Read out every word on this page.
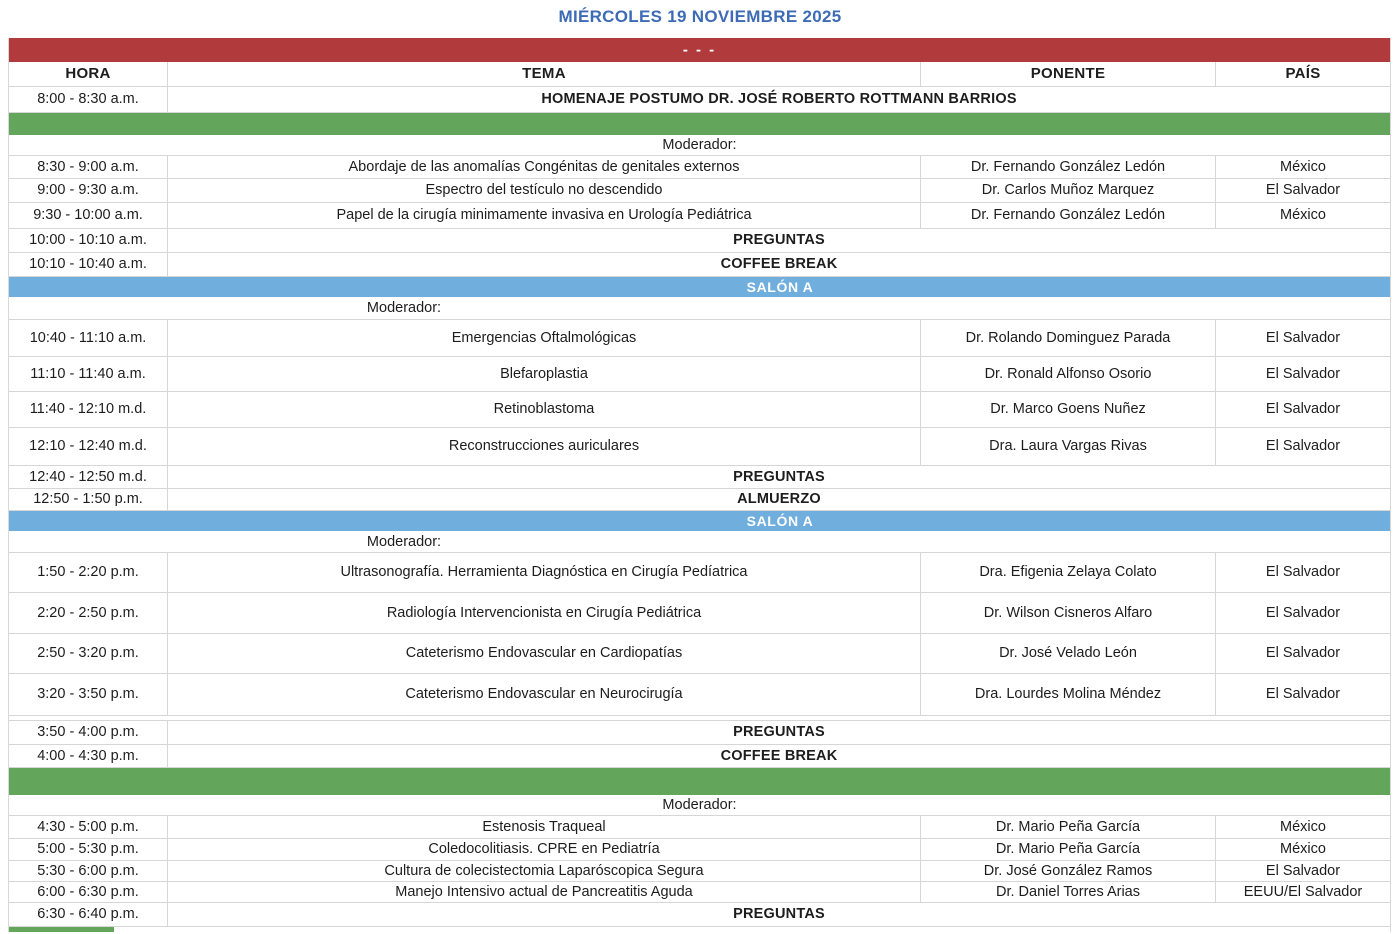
MIÉRCOLES 19 NOVIEMBRE 2025
- - -
HORA	TEMA	PONENTE	PAÍS
8:00 - 8:30 a.m.	HOMENAJE POSTUMO DR. JOSÉ ROBERTO ROTTMANN BARRIOS
Moderador:
8:30 - 9:00 a.m.	Abordaje de las anomalías Congénitas de genitales externos	Dr. Fernando González Ledón	México
9:00 - 9:30 a.m.	Espectro del testículo no descendido	Dr. Carlos Muñoz Marquez	El Salvador
9:30 - 10:00 a.m.	Papel de la cirugía minimamente invasiva en Urología Pediátrica	Dr. Fernando González Ledón	México
10:00 - 10:10 a.m.	PREGUNTAS
10:10 - 10:40 a.m.	COFFEE BREAK
SALÓN A
Moderador:
10:40 - 11:10 a.m.	Emergencias Oftalmológicas	Dr. Rolando Dominguez Parada	El Salvador
11:10 - 11:40 a.m.	Blefaroplastia	Dr. Ronald Alfonso Osorio	El Salvador
11:40 - 12:10 m.d.	Retinoblastoma	Dr. Marco Goens Nuñez	El Salvador
12:10 - 12:40 m.d.	Reconstrucciones auriculares	Dra. Laura Vargas Rivas	El Salvador
12:40 - 12:50 m.d.	PREGUNTAS
12:50 - 1:50 p.m.	ALMUERZO
SALÓN A
Moderador:
1:50 - 2:20 p.m.	Ultrasonografía. Herramienta Diagnóstica en Cirugía Pedíatrica	Dra. Efigenia Zelaya Colato	El Salvador
2:20 - 2:50 p.m.	Radiología Intervencionista en Cirugía Pediátrica	Dr. Wilson Cisneros Alfaro	El Salvador
2:50 - 3:20 p.m.	Cateterismo Endovascular en Cardiopatías	Dr. José Velado León	El Salvador
3:20 - 3:50 p.m.	Cateterismo Endovascular en Neurocirugía	Dra. Lourdes Molina Méndez	El Salvador
3:50 - 4:00 p.m.	PREGUNTAS
4:00 - 4:30 p.m.	COFFEE BREAK
Moderador:
4:30 - 5:00 p.m.	Estenosis Traqueal	Dr. Mario Peña García	México
5:00 - 5:30 p.m.	Coledocolitiasis. CPRE en Pediatría	Dr. Mario Peña García	México
5:30 - 6:00 p.m.	Cultura de colecistectomia Laparóscopica Segura	Dr. José González Ramos	El Salvador
6:00 - 6:30 p.m.	Manejo Intensivo actual de Pancreatitis Aguda	Dr. Daniel Torres Arias	EEUU/El Salvador
6:30 - 6:40 p.m.	PREGUNTAS
